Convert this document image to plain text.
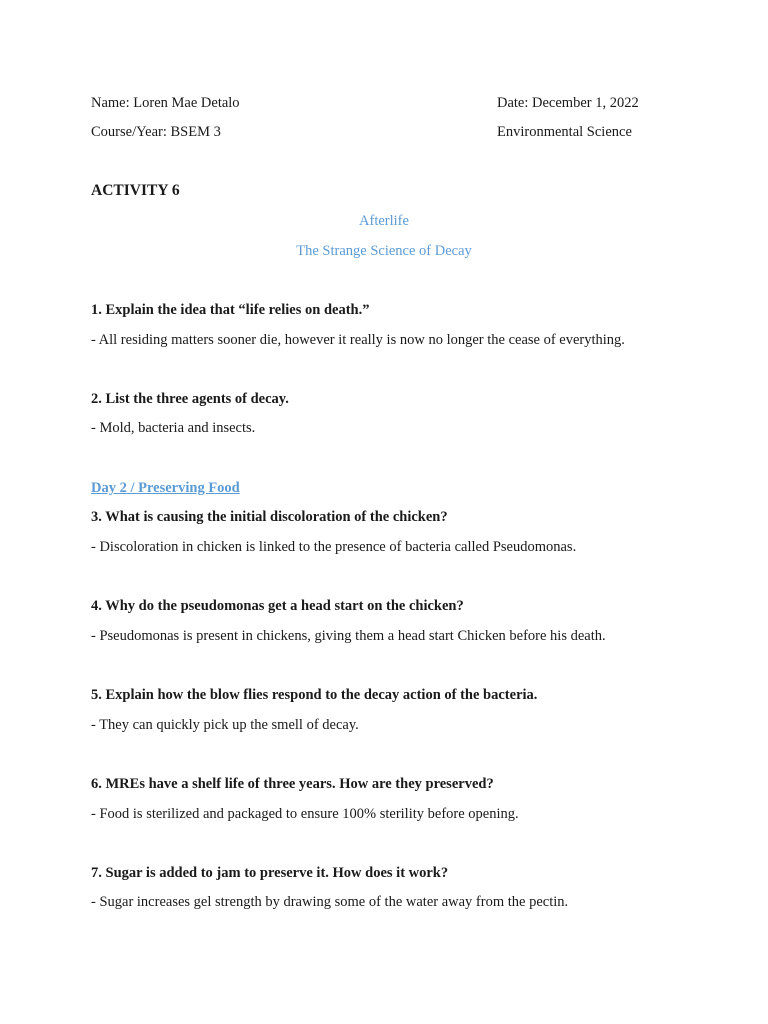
Name: Loren Mae Detalo	Date: December 1, 2022
Course/Year: BSEM 3	Environmental Science
ACTIVITY 6
Afterlife
The Strange Science of Decay
1. Explain the idea that “life relies on death.”
- All residing matters sooner die, however it really is now no longer the cease of everything.
2. List the three agents of decay.
- Mold, bacteria and insects.
Day 2 / Preserving Food
3. What is causing the initial discoloration of the chicken?
- Discoloration in chicken is linked to the presence of bacteria called Pseudomonas.
4. Why do the pseudomonas get a head start on the chicken?
- Pseudomonas is present in chickens, giving them a head start Chicken before his death.
5. Explain how the blow flies respond to the decay action of the bacteria.
- They can quickly pick up the smell of decay.
6. MREs have a shelf life of three years. How are they preserved?
- Food is sterilized and packaged to ensure 100% sterility before opening.
7. Sugar is added to jam to preserve it. How does it work?
- Sugar increases gel strength by drawing some of the water away from the pectin.
